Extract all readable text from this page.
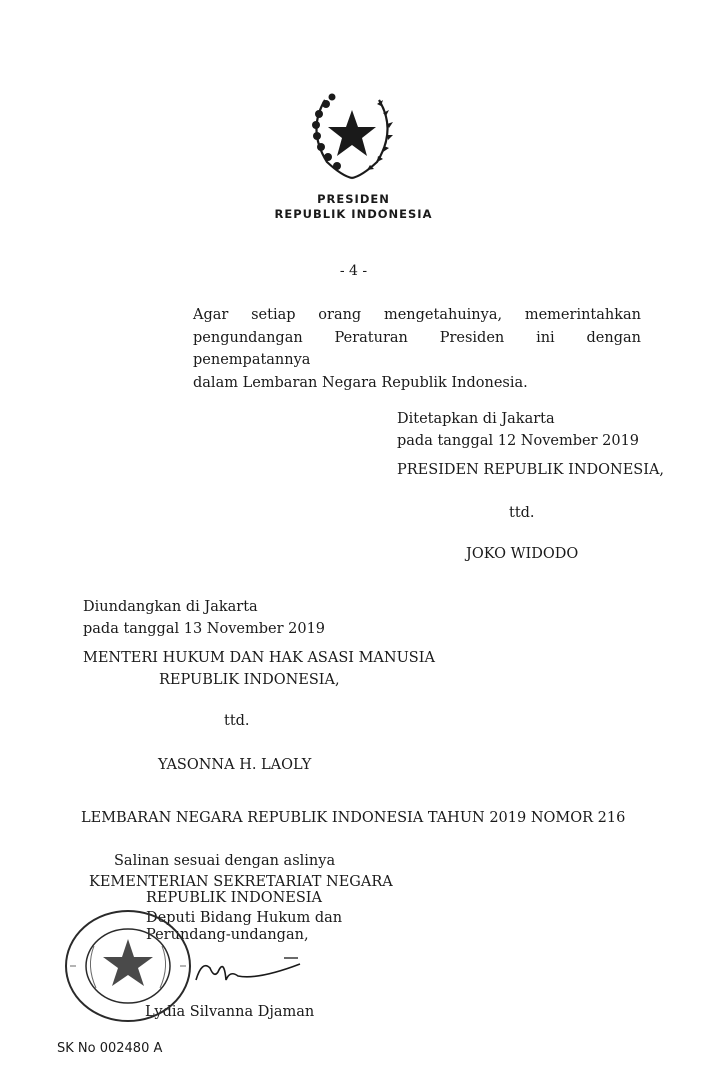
PRESIDEN
REPUBLIK INDONESIA
- 4 -
Agar setiap orang mengetahuinya, memerintahkan
pengundangan Peraturan Presiden ini dengan penempatannya
dalam Lembaran Negara Republik Indonesia.
Ditetapkan di Jakarta
pada tanggal 12 November 2019
PRESIDEN REPUBLIK INDONESIA,
ttd.
JOKO WIDODO
Diundangkan di Jakarta
pada tanggal 13 November 2019
MENTERI HUKUM DAN HAK ASASI MANUSIA
REPUBLIK INDONESIA,
ttd.
YASONNA H. LAOLY
LEMBARAN NEGARA REPUBLIK INDONESIA TAHUN 2019 NOMOR 216
Salinan sesuai dengan aslinya
KEMENTERIAN SEKRETARIAT NEGARA
REPUBLIK INDONESIA
Deputi Bidang Hukum dan
Perundang-undangan,
Lydia Silvanna Djaman
SK No 002480 A
